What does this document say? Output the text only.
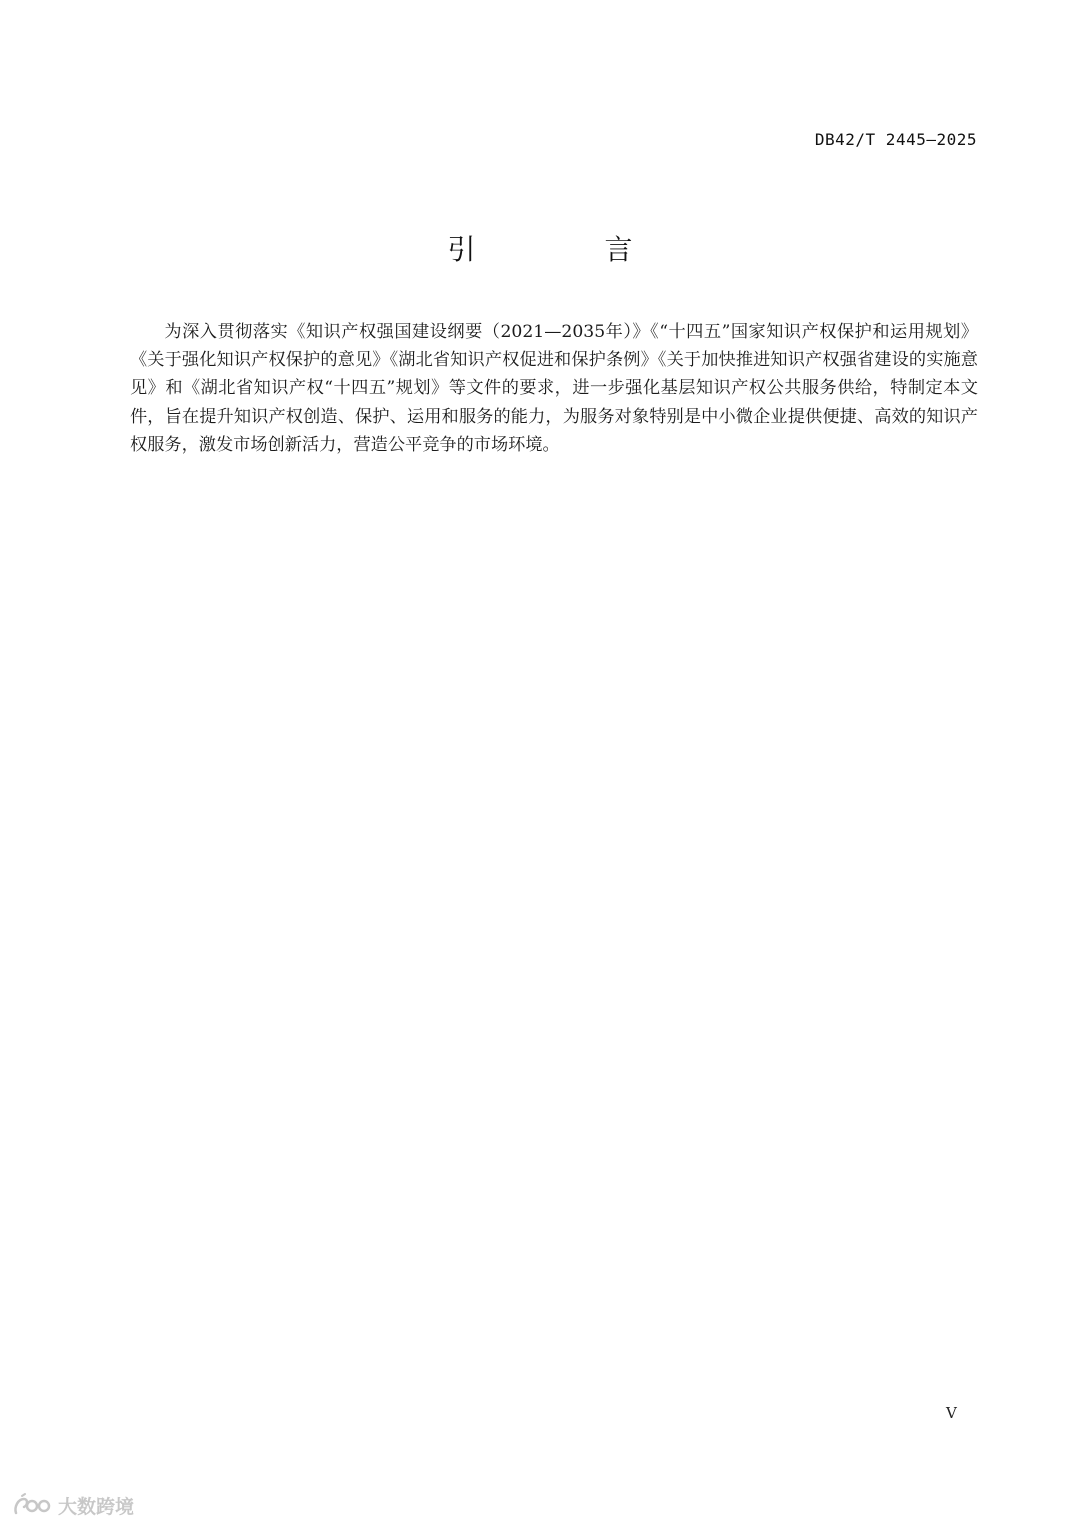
DB42/T 2445—2025
引 言

为深入贯彻落实《知识产权强国建设纲要（2021—2035年）》《“十四五”国家知识产权保护和运用规划》《关于强化知识产权保护的意见》《湖北省知识产权促进和保护条例》《关于加快推进知识产权强省建设的实施意见》和《湖北省知识产权“十四五”规划》等文件的要求，进一步强化基层知识产权公共服务供给，特制定本文件，旨在提升知识产权创造、保护、运用和服务的能力，为服务对象特别是中小微企业提供便捷、高效的知识产权服务，激发市场创新活力，营造公平竞争的市场环境。

V
大数跨境
